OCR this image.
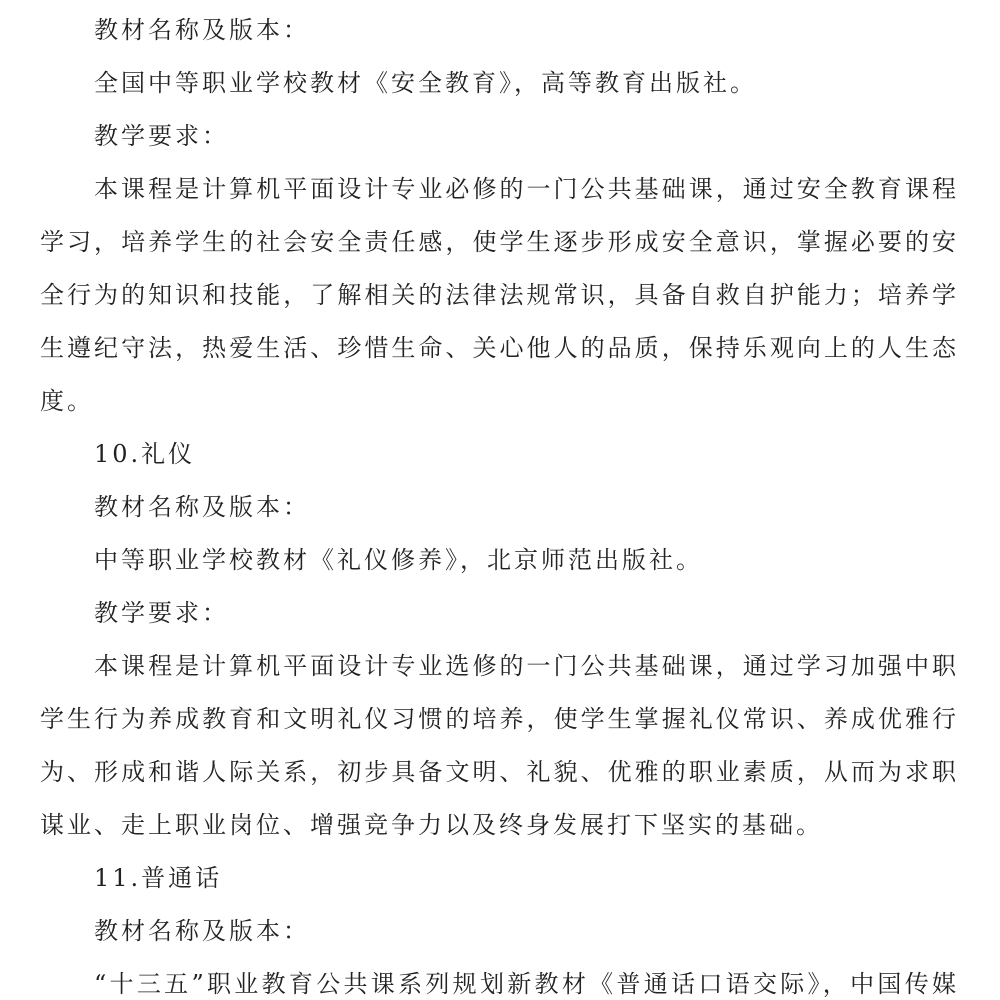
教材名称及版本：
全国中等职业学校教材《安全教育》，高等教育出版社。
教学要求：
本课程是计算机平面设计专业必修的一门公共基础课，通过安全教育课程
学习，培养学生的社会安全责任感，使学生逐步形成安全意识，掌握必要的安
全行为的知识和技能，了解相关的法律法规常识，具备自救自护能力；培养学
生遵纪守法，热爱生活、珍惜生命、关心他人的品质，保持乐观向上的人生态
度。
10.礼仪
教材名称及版本：
中等职业学校教材《礼仪修养》，北京师范出版社。
教学要求：
本课程是计算机平面设计专业选修的一门公共基础课，通过学习加强中职
学生行为养成教育和文明礼仪习惯的培养，使学生掌握礼仪常识、养成优雅行
为、形成和谐人际关系，初步具备文明、礼貌、优雅的职业素质，从而为求职
谋业、走上职业岗位、增强竞争力以及终身发展打下坚实的基础。
11.普通话
教材名称及版本：
“十三五”职业教育公共课系列规划新教材《普通话口语交际》，中国传媒
